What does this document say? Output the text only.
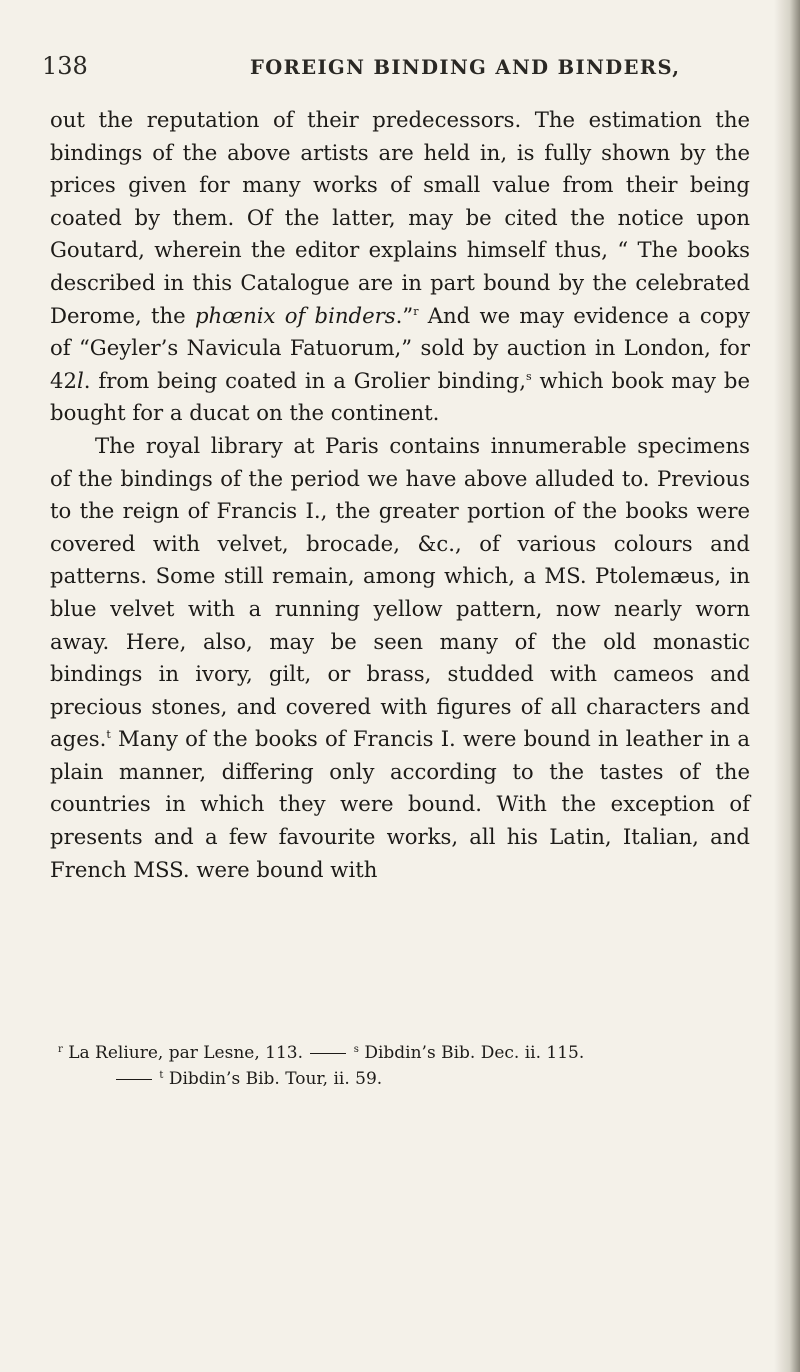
138	FOREIGN BINDING AND BINDERS,

out the reputation of their predecessors. The estimation the bindings of the above artists are held in, is fully shown by the prices given for many works of small value from their being coated by them. Of the latter, may be cited the notice upon Goutard, wherein the editor explains himself thus, “ The books described in this Catalogue are in part bound by the celebrated Derome, the phœnix of binders.”$^r$ And we may evidence a copy of “Geyler’s Navicula Fatuorum,” sold by auction in London, for 42l. from being coated in a Grolier binding,$^s$ which book may be bought for a ducat on the continent.

The royal library at Paris contains innumerable specimens of the bindings of the period we have above alluded to. Previous to the reign of Francis I., the greater portion of the books were covered with velvet, brocade, &c., of various colours and patterns. Some still remain, among which, a MS. Ptolemæus, in blue velvet with a running yellow pattern, now nearly worn away. Here, also, may be seen many of the old monastic bindings in ivory, gilt, or brass, studded with cameos and precious stones, and covered with figures of all characters and ages.$^t$ Many of the books of Francis I. were bound in leather in a plain manner, differing only according to the tastes of the countries in which they were bound. With the exception of presents and a few favourite works, all his Latin, Italian, and French MSS. were bound with

$^r$ La Reliure, par Lesne, 113.	$^s$ Dibdin’s Bib. Dec. ii. 115.
$^t$ Dibdin’s Bib. Tour, ii. 59.
